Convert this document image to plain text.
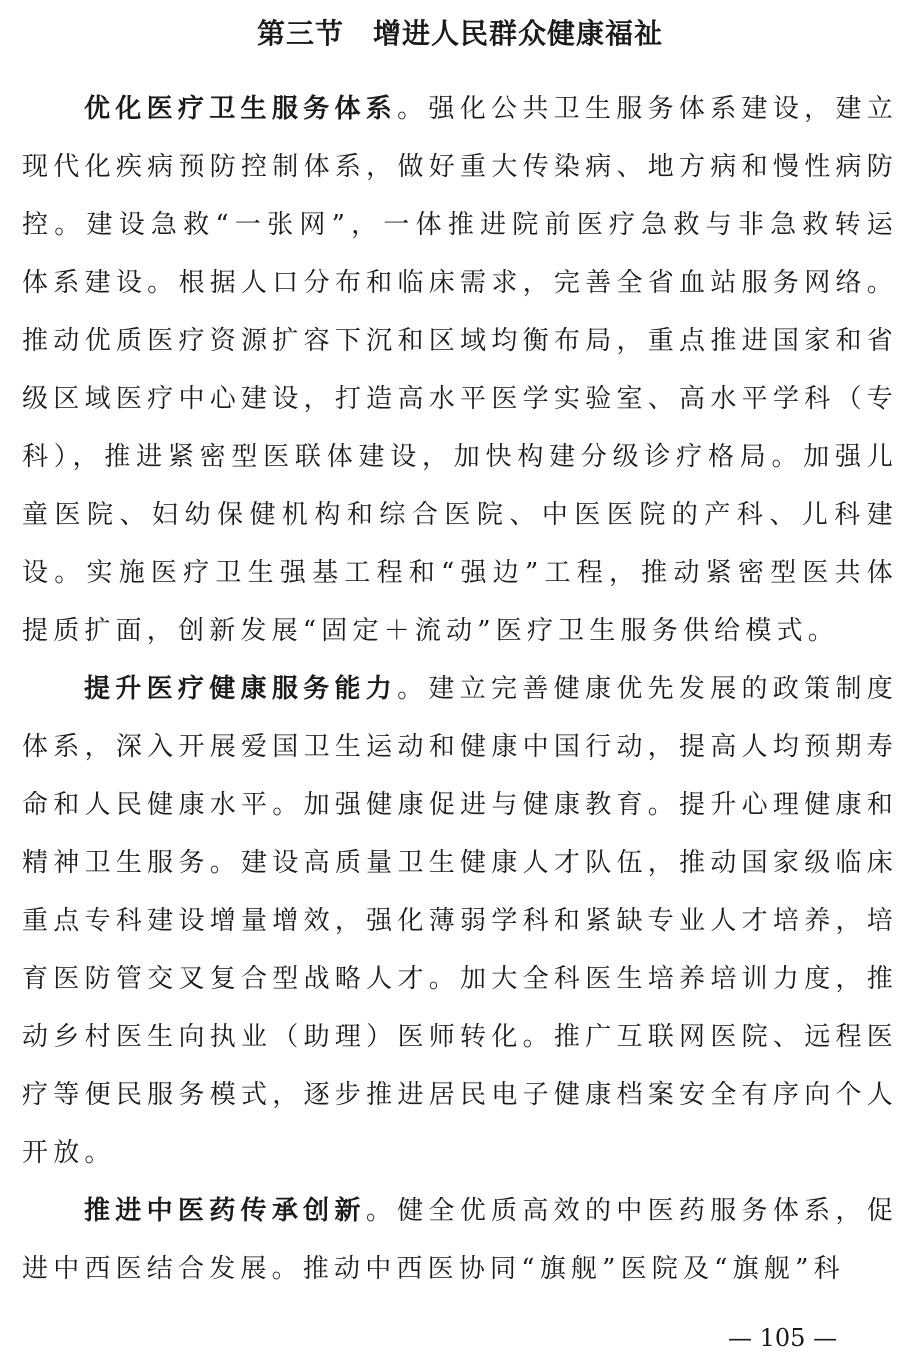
第三节　增进人民群众健康福祉

优化医疗卫生服务体系。强化公共卫生服务体系建设，建立现代化疾病预防控制体系，做好重大传染病、地方病和慢性病防控。建设急救“一张网”，一体推进院前医疗急救与非急救转运体系建设。根据人口分布和临床需求，完善全省血站服务网络。推动优质医疗资源扩容下沉和区域均衡布局，重点推进国家和省级区域医疗中心建设，打造高水平医学实验室、高水平学科（专科），推进紧密型医联体建设，加快构建分级诊疗格局。加强儿童医院、妇幼保健机构和综合医院、中医医院的产科、儿科建设。实施医疗卫生强基工程和“强边”工程，推动紧密型医共体提质扩面，创新发展“固定＋流动”医疗卫生服务供给模式。

提升医疗健康服务能力。建立完善健康优先发展的政策制度体系，深入开展爱国卫生运动和健康中国行动，提高人均预期寿命和人民健康水平。加强健康促进与健康教育。提升心理健康和精神卫生服务。建设高质量卫生健康人才队伍，推动国家级临床重点专科建设增量增效，强化薄弱学科和紧缺专业人才培养，培育医防管交叉复合型战略人才。加大全科医生培养培训力度，推动乡村医生向执业（助理）医师转化。推广互联网医院、远程医疗等便民服务模式，逐步推进居民电子健康档案安全有序向个人开放。

推进中医药传承创新。健全优质高效的中医药服务体系，促进中西医结合发展。推动中西医协同“旗舰”医院及“旗舰”科

— 105 —
